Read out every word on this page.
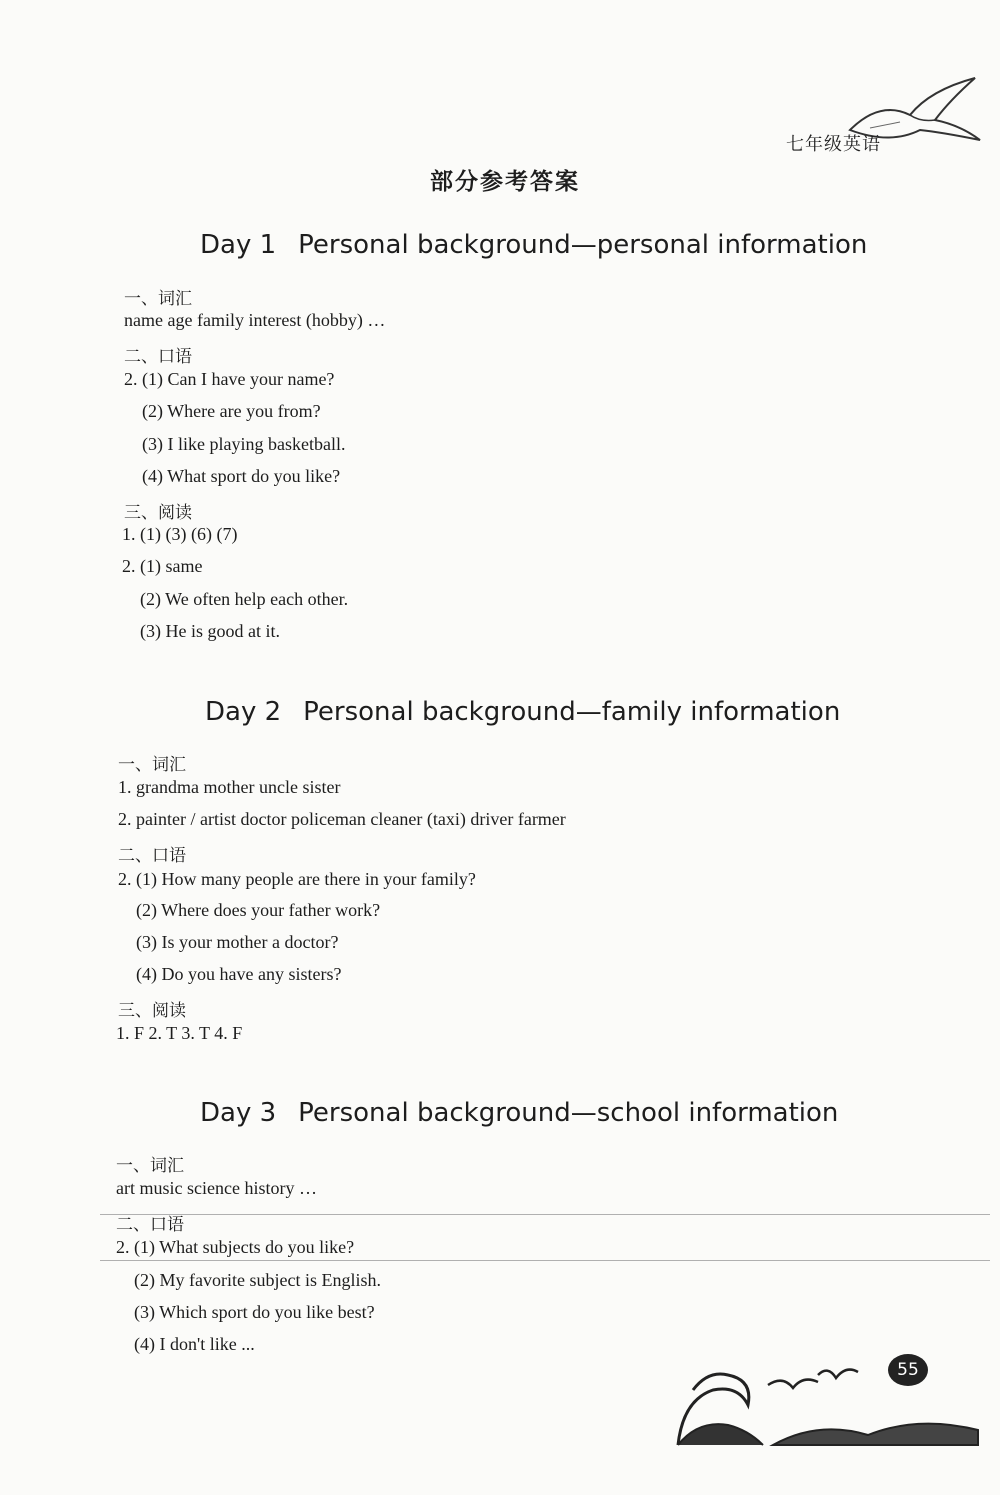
七年级英语
部分参考答案
Day 1 Personal background—personal information
一、词汇
name age family interest (hobby) …
二、口语
2. (1) Can I have your name?
(2) Where are you from?
(3) I like playing basketball.
(4) What sport do you like?
三、阅读
1. (1) (3) (6) (7)
2. (1) same
(2) We often help each other.
(3) He is good at it.
Day 2 Personal background—family information
一、词汇
1. grandma mother uncle sister
2. painter / artist doctor policeman cleaner (taxi) driver farmer
二、口语
2. (1) How many people are there in your family?
(2) Where does your father work?
(3) Is your mother a doctor?
(4) Do you have any sisters?
三、阅读
1. F 2. T 3. T 4. F
Day 3 Personal background—school information
一、词汇
art music science history …
二、口语
2. (1) What subjects do you like?
(2) My favorite subject is English.
(3) Which sport do you like best?
(4) I don't like ...
55
